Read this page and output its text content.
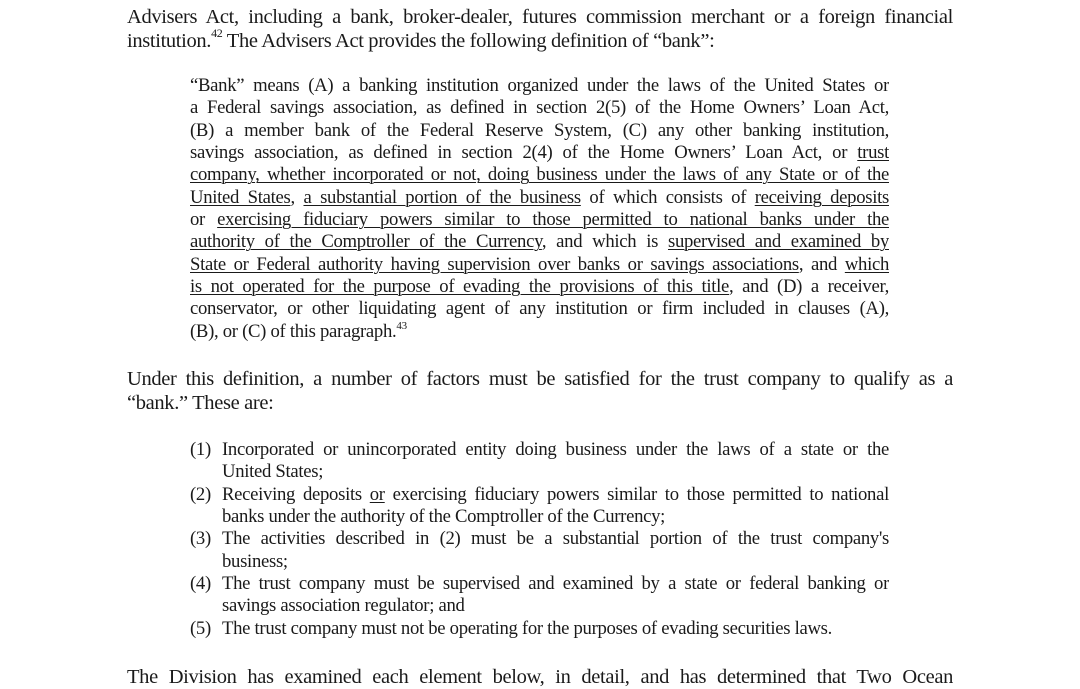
Advisers Act, including a bank, broker-dealer, futures commission merchant or a foreign financial
institution.$^{42}$ The Advisers Act provides the following definition of “bank”:
“Bank” means (A) a banking institution organized under the laws of the United States or
a Federal savings association, as defined in section 2(5) of the Home Owners’ Loan Act,
(B) a member bank of the Federal Reserve System, (C) any other banking institution,
savings association, as defined in section 2(4) of the Home Owners’ Loan Act, or trust
company, whether incorporated or not, doing business under the laws of any State or of the
United States, a substantial portion of the business of which consists of receiving deposits
or exercising fiduciary powers similar to those permitted to national banks under the
authority of the Comptroller of the Currency, and which is supervised and examined by
State or Federal authority having supervision over banks or savings associations, and which
is not operated for the purpose of evading the provisions of this title, and (D) a receiver,
conservator, or other liquidating agent of any institution or firm included in clauses (A),
(B), or (C) of this paragraph.$^{43}$
Under this definition, a number of factors must be satisfied for the trust company to qualify as a
“bank.” These are:
(1) Incorporated or unincorporated entity doing business under the laws of a state or the
United States;
(2) Receiving deposits or exercising fiduciary powers similar to those permitted to national
banks under the authority of the Comptroller of the Currency;
(3) The activities described in (2) must be a substantial portion of the trust company's
business;
(4) The trust company must be supervised and examined by a state or federal banking or
savings association regulator; and
(5) The trust company must not be operating for the purposes of evading securities laws.
The Division has examined each element below, in detail, and has determined that Two Ocean
